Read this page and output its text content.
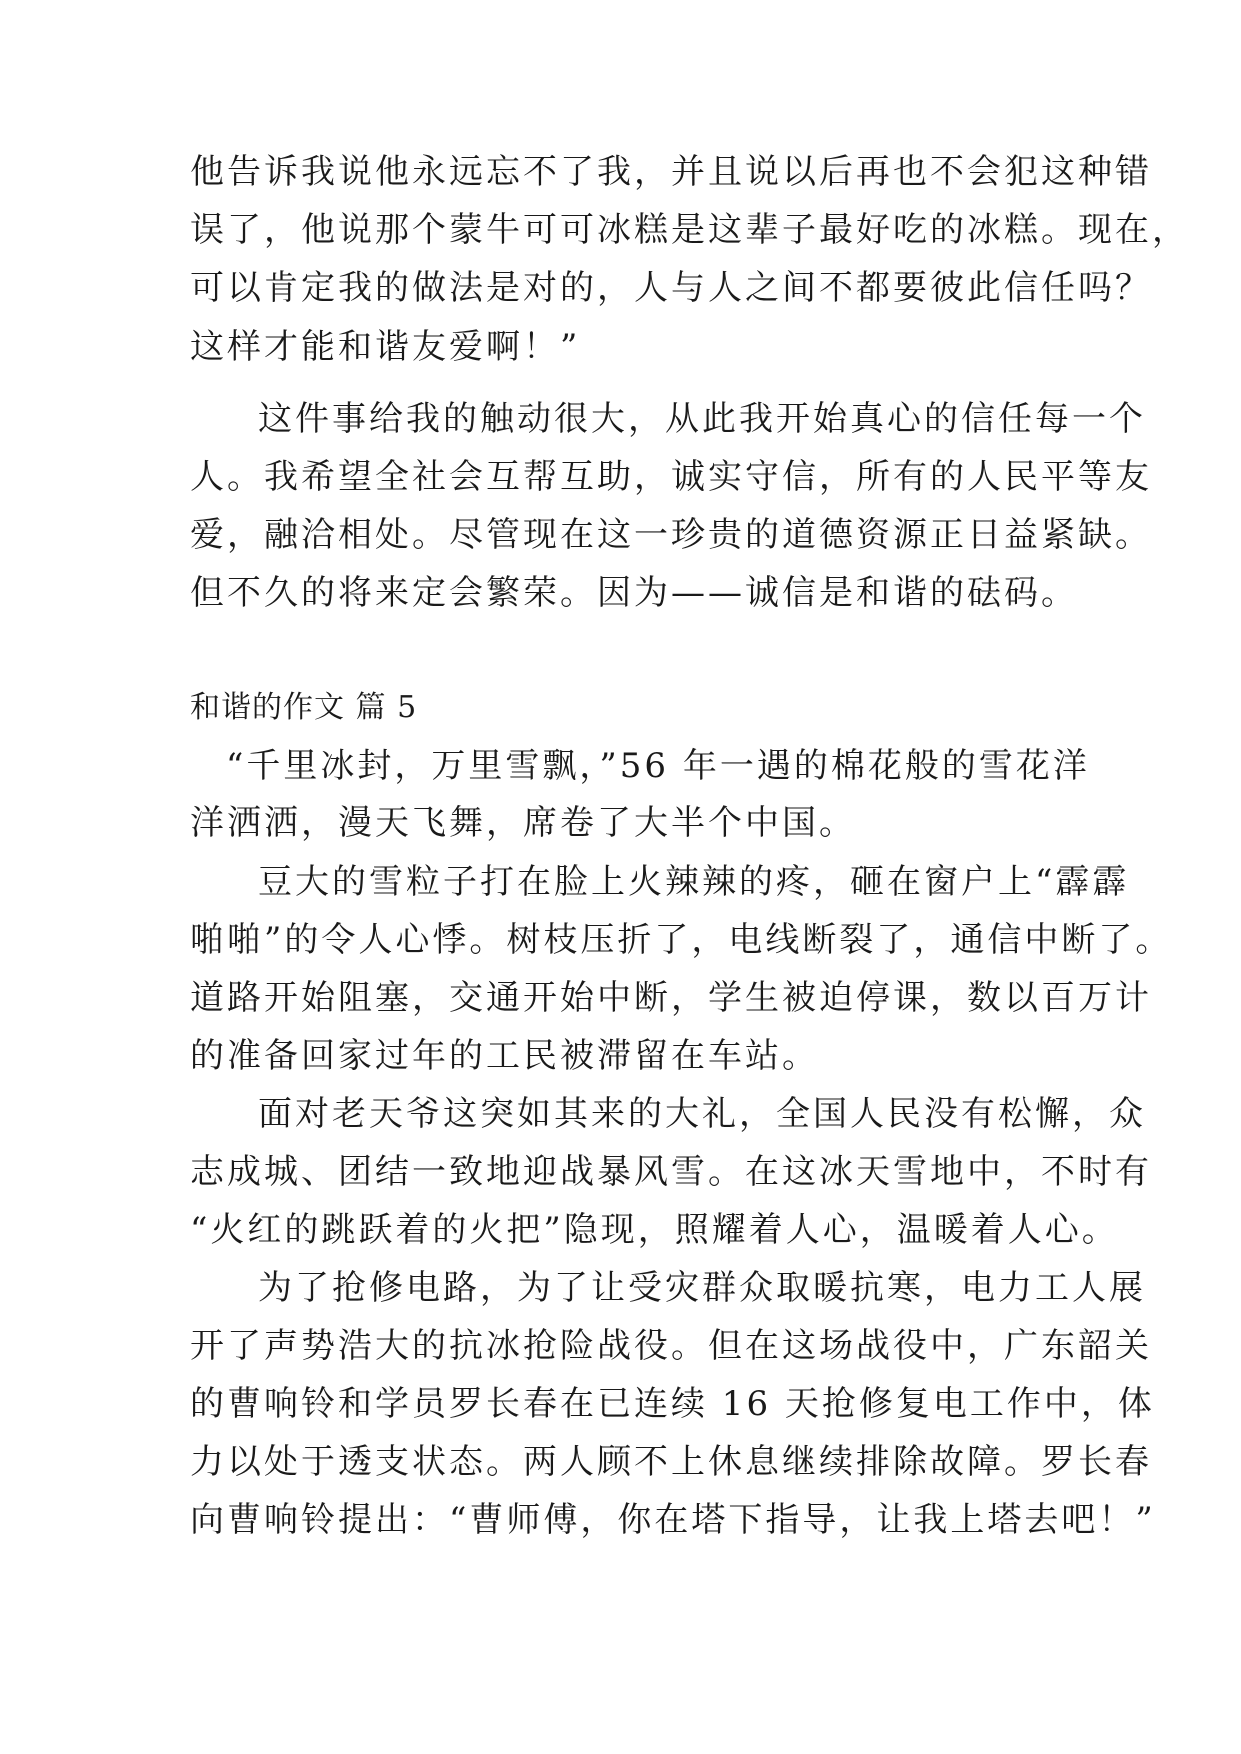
他告诉我说他永远忘不了我，并且说以后再也不会犯这种错
误了，他说那个蒙牛可可冰糕是这辈子最好吃的冰糕。现在，
可以肯定我的做法是对的，人与人之间不都要彼此信任吗？
这样才能和谐友爱啊！”
这件事给我的触动很大，从此我开始真心的信任每一个
人。我希望全社会互帮互助，诚实守信，所有的人民平等友
爱，融洽相处。尽管现在这一珍贵的道德资源正日益紧缺。
但不久的将来定会繁荣。因为——诚信是和谐的砝码。
和谐的作文 篇 5
“千里冰封，万里雪飘，”56 年一遇的棉花般的雪花洋
洋洒洒，漫天飞舞，席卷了大半个中国。
豆大的雪粒子打在脸上火辣辣的疼，砸在窗户上“霹霹
啪啪”的令人心悸。树枝压折了，电线断裂了，通信中断了。
道路开始阻塞，交通开始中断，学生被迫停课，数以百万计
的准备回家过年的工民被滞留在车站。
面对老天爷这突如其来的大礼，全国人民没有松懈，众
志成城、团结一致地迎战暴风雪。在这冰天雪地中，不时有
“火红的跳跃着的火把”隐现，照耀着人心，温暖着人心。
为了抢修电路，为了让受灾群众取暖抗寒，电力工人展
开了声势浩大的抗冰抢险战役。但在这场战役中，广东韶关
的曹响铃和学员罗长春在已连续 16 天抢修复电工作中，体
力以处于透支状态。两人顾不上休息继续排除故障。罗长春
向曹响铃提出：“曹师傅，你在塔下指导，让我上塔去吧！”
